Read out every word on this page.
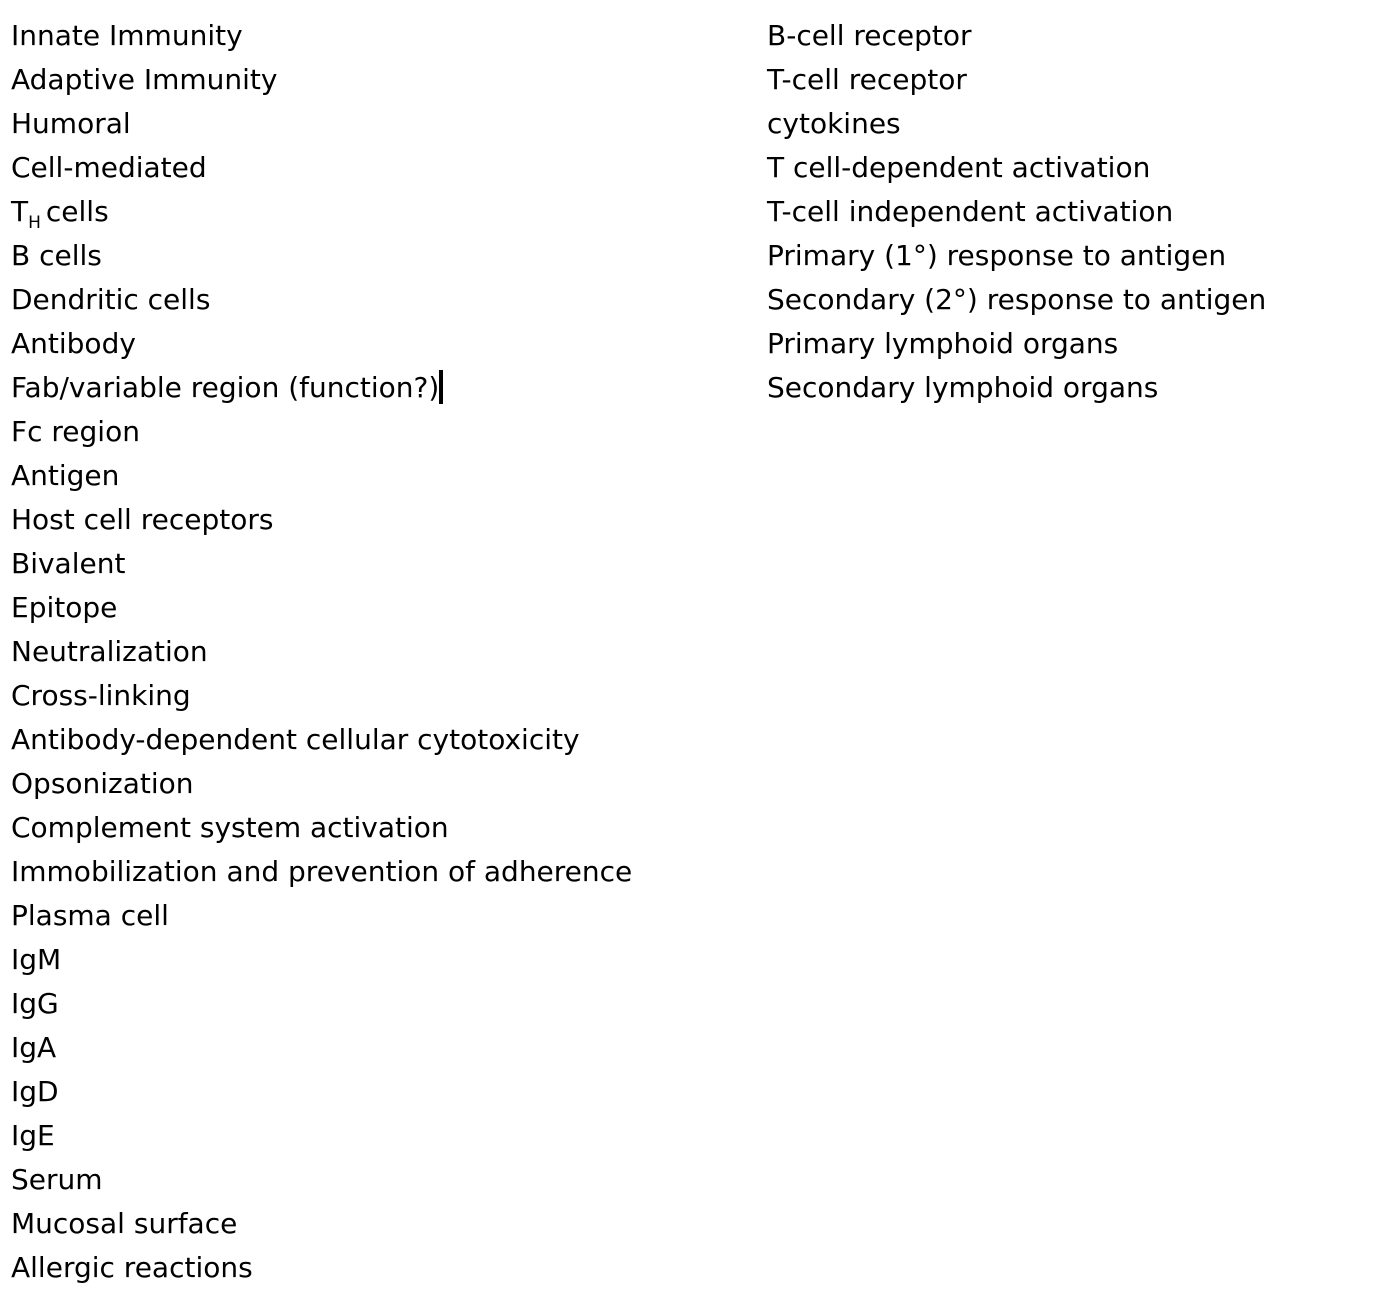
Innate Immunity
Adaptive Immunity
Humoral
Cell-mediated
$T_H$ cells
B cells
Dendritic cells
Antibody
Fab/variable region (function?)
Fc region
Antigen
Host cell receptors
Bivalent
Epitope
Neutralization
Cross-linking
Antibody-dependent cellular cytotoxicity
Opsonization
Complement system activation
Immobilization and prevention of adherence
Plasma cell
IgM
IgG
IgA
IgD
IgE
Serum
Mucosal surface
Allergic reactions
B-cell receptor
T-cell receptor
cytokines
T cell-dependent activation
T-cell independent activation
Primary (1°) response to antigen
Secondary (2°) response to antigen
Primary lymphoid organs
Secondary lymphoid organs
